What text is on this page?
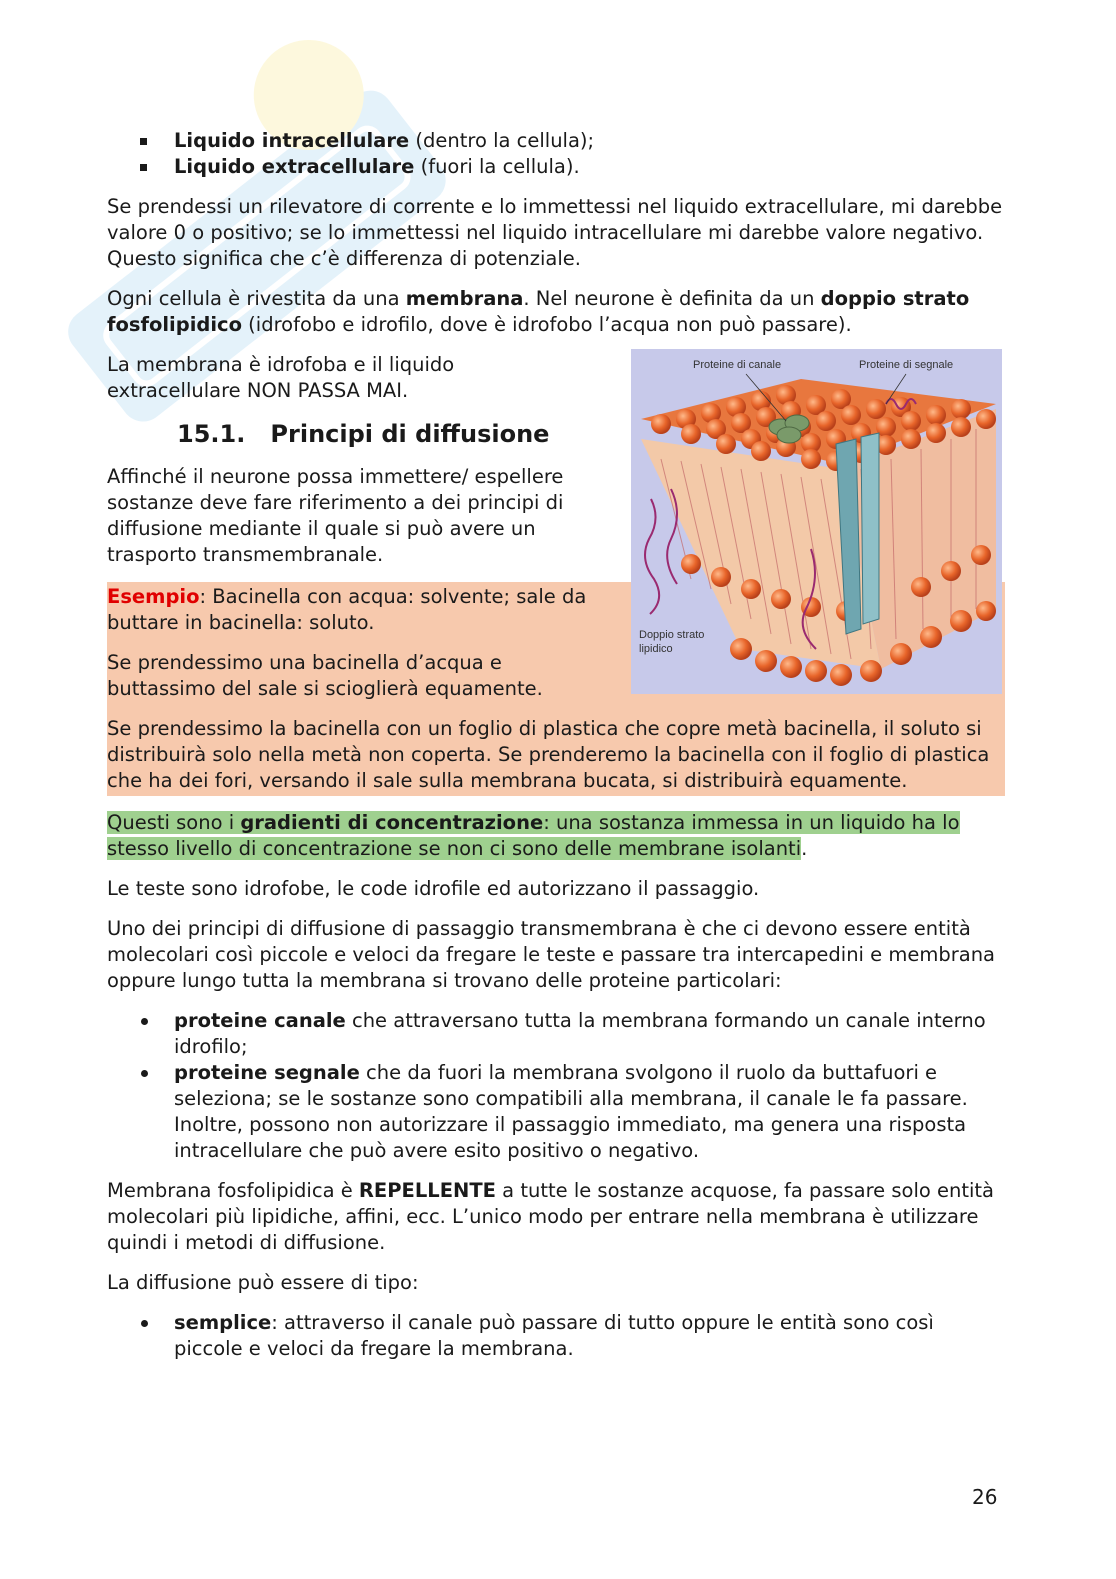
Liquido intracellulare (dentro la cellula);
Liquido extracellulare (fuori la cellula).

Se prendessi un rilevatore di corrente e lo immettessi nel liquido extracellulare, mi darebbe valore 0 o positivo; se lo immettessi nel liquido intracellulare mi darebbe valore negativo. Questo significa che c’è differenza di potenziale.

Ogni cellula è rivestita da una membrana. Nel neurone è definita da un doppio strato fosfolipidico (idrofobo e idrofilo, dove è idrofobo l’acqua non può passare).

La membrana è idrofoba e il liquido extracellulare NON PASSA MAI.

15.1. Principi di diffusione

Affinché il neurone possa immettere/ espellere sostanze deve fare riferimento a dei principi di diffusione mediante il quale si può avere un trasporto transmembranale.

Esempio: Bacinella con acqua: solvente; sale da buttare in bacinella: soluto.

Se prendessimo una bacinella d’acqua e buttassimo del sale si scioglierà equamente.

Se prendessimo la bacinella con un foglio di plastica che copre metà bacinella, il soluto si distribuirà solo nella metà non coperta. Se prenderemo la bacinella con il foglio di plastica che ha dei fori, versando il sale sulla membrana bucata, si distribuirà equamente.

Questi sono i gradienti di concentrazione: una sostanza immessa in un liquido ha lo stesso livello di concentrazione se non ci sono delle membrane isolanti.

Le teste sono idrofobe, le code idrofile ed autorizzano il passaggio.

Uno dei principi di diffusione di passaggio transmembrana è che ci devono essere entità molecolari così piccole e veloci da fregare le teste e passare tra intercapedini e membrana oppure lungo tutta la membrana si trovano delle proteine particolari:

proteine canale che attraversano tutta la membrana formando un canale interno idrofilo;
proteine segnale che da fuori la membrana svolgono il ruolo da buttafuori e seleziona; se le sostanze sono compatibili alla membrana, il canale le fa passare. Inoltre, possono non autorizzare il passaggio immediato, ma genera una risposta intracellulare che può avere esito positivo o negativo.

Membrana fosfolipidica è REPELLENTE a tutte le sostanze acquose, fa passare solo entità molecolari più lipidiche, affini, ecc. L’unico modo per entrare nella membrana è utilizzare quindi i metodi di diffusione.

La diffusione può essere di tipo:

semplice: attraverso il canale può passare di tutto oppure le entità sono così piccole e veloci da fregare la membrana.
Proteine di canale	Proteine di segnale
Doppio strato
lipidico
26
